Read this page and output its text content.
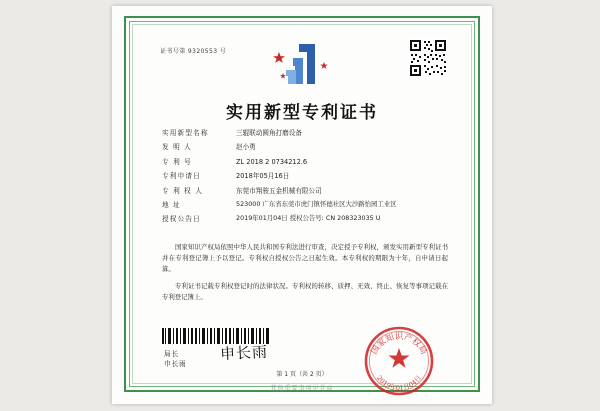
证书号第 9320553 号
实用新型专利证书
实用新型名称	三辊联动圆角打磨设备
发 明 人	赵小勇
专 利 号	ZL 2018 2 0734212.6
专利申请日	2018年05月16日
专 利 权 人	东莞市翔骏五金机械有限公司
地 址	523000 广东省东莞市虎门镇怀德社区大沙路怡园工业区
授权公告日	2019年01月04日 授权公告号: CN 208323035 U

国家知识产权局依照中华人民共和国专利法进行审查，决定授予专利权，颁发实用新型专利证书并在专利登记簿上予以登记。专利权自授权公告之日起生效。本专利权的期限为十年，自申请日起算。

专利证书记载专利权登记时的法律状况。专利权的转移、质押、无效、终止、恢复等事项记载在专利登记簿上。

局长
申长雨
申长雨	国家知识产权局
2019年01月04日
第 1 页（共 2 页）
其他重要事项见背面
